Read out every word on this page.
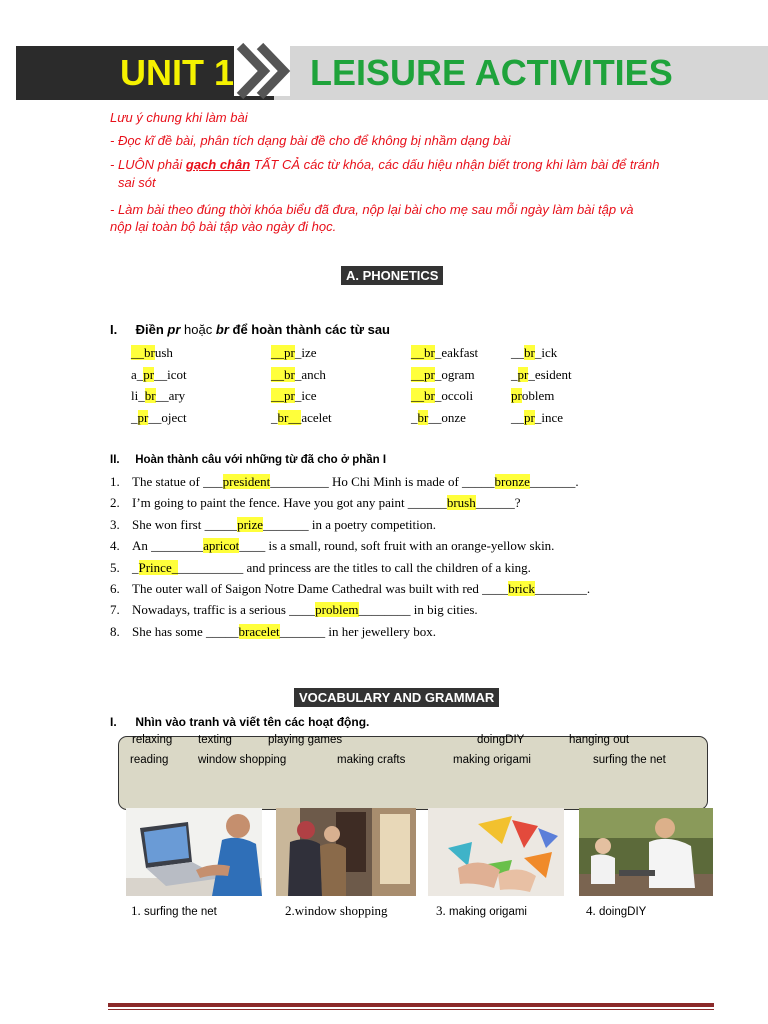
UNIT 1 LEISURE ACTIVITIES
Lưu ý chung khi làm bài
- Đọc kĩ đề bài, phân tích dạng bài đề cho để không bị nhầm dạng bài
- LUÔN phải gạch chân TẤT CẢ các từ khóa, các dấu hiệu nhận biết trong khi làm bài để tránh
sai sót
- Làm bài theo đúng thời khóa biểu đã đưa, nộp lại bài cho mẹ sau mỗi ngày làm bài tập và
nộp lại toàn bộ bài tập vào ngày đi học.
A. PHONETICS
I. Điền pr hoặc br để hoàn thành các từ sau
__brush	__pr_ize	__br_eakfast	__br_ick
a_pr__icot	__br_anch	__pr_ogram	_pr_esident
li_br__ary	__pr_ice	__br_occoli	problem
_pr__oject	_br__acelet	_br__onze	__pr_ince
II. Hoàn thành câu với những từ đã cho ở phần I
1. The statue of ___president_________ Ho Chi Minh is made of _____bronze_______.
2. I’m going to paint the fence. Have you got any paint ______brush______?
3. She won first _____prize_______ in a poetry competition.
4. An ________apricot____ is a small, round, soft fruit with an orange-yellow skin.
5. _Prince___________ and princess are the titles to call the children of a king.
6. The outer wall of Saigon Notre Dame Cathedral was built with red ____brick________.
7. Nowadays, traffic is a serious ____problem________ in big cities.
8. She has some _____bracelet_______ in her jewellery box.
VOCABULARY AND GRAMMAR
I. Nhìn vào tranh và viết tên các hoạt động.
relaxing texting	playing games	doingDIY	hanging out
reading	window shopping	making crafts	making origami	surfing the net
1. surfing the net	2.window shopping	3. making origami	4. doingDIY
